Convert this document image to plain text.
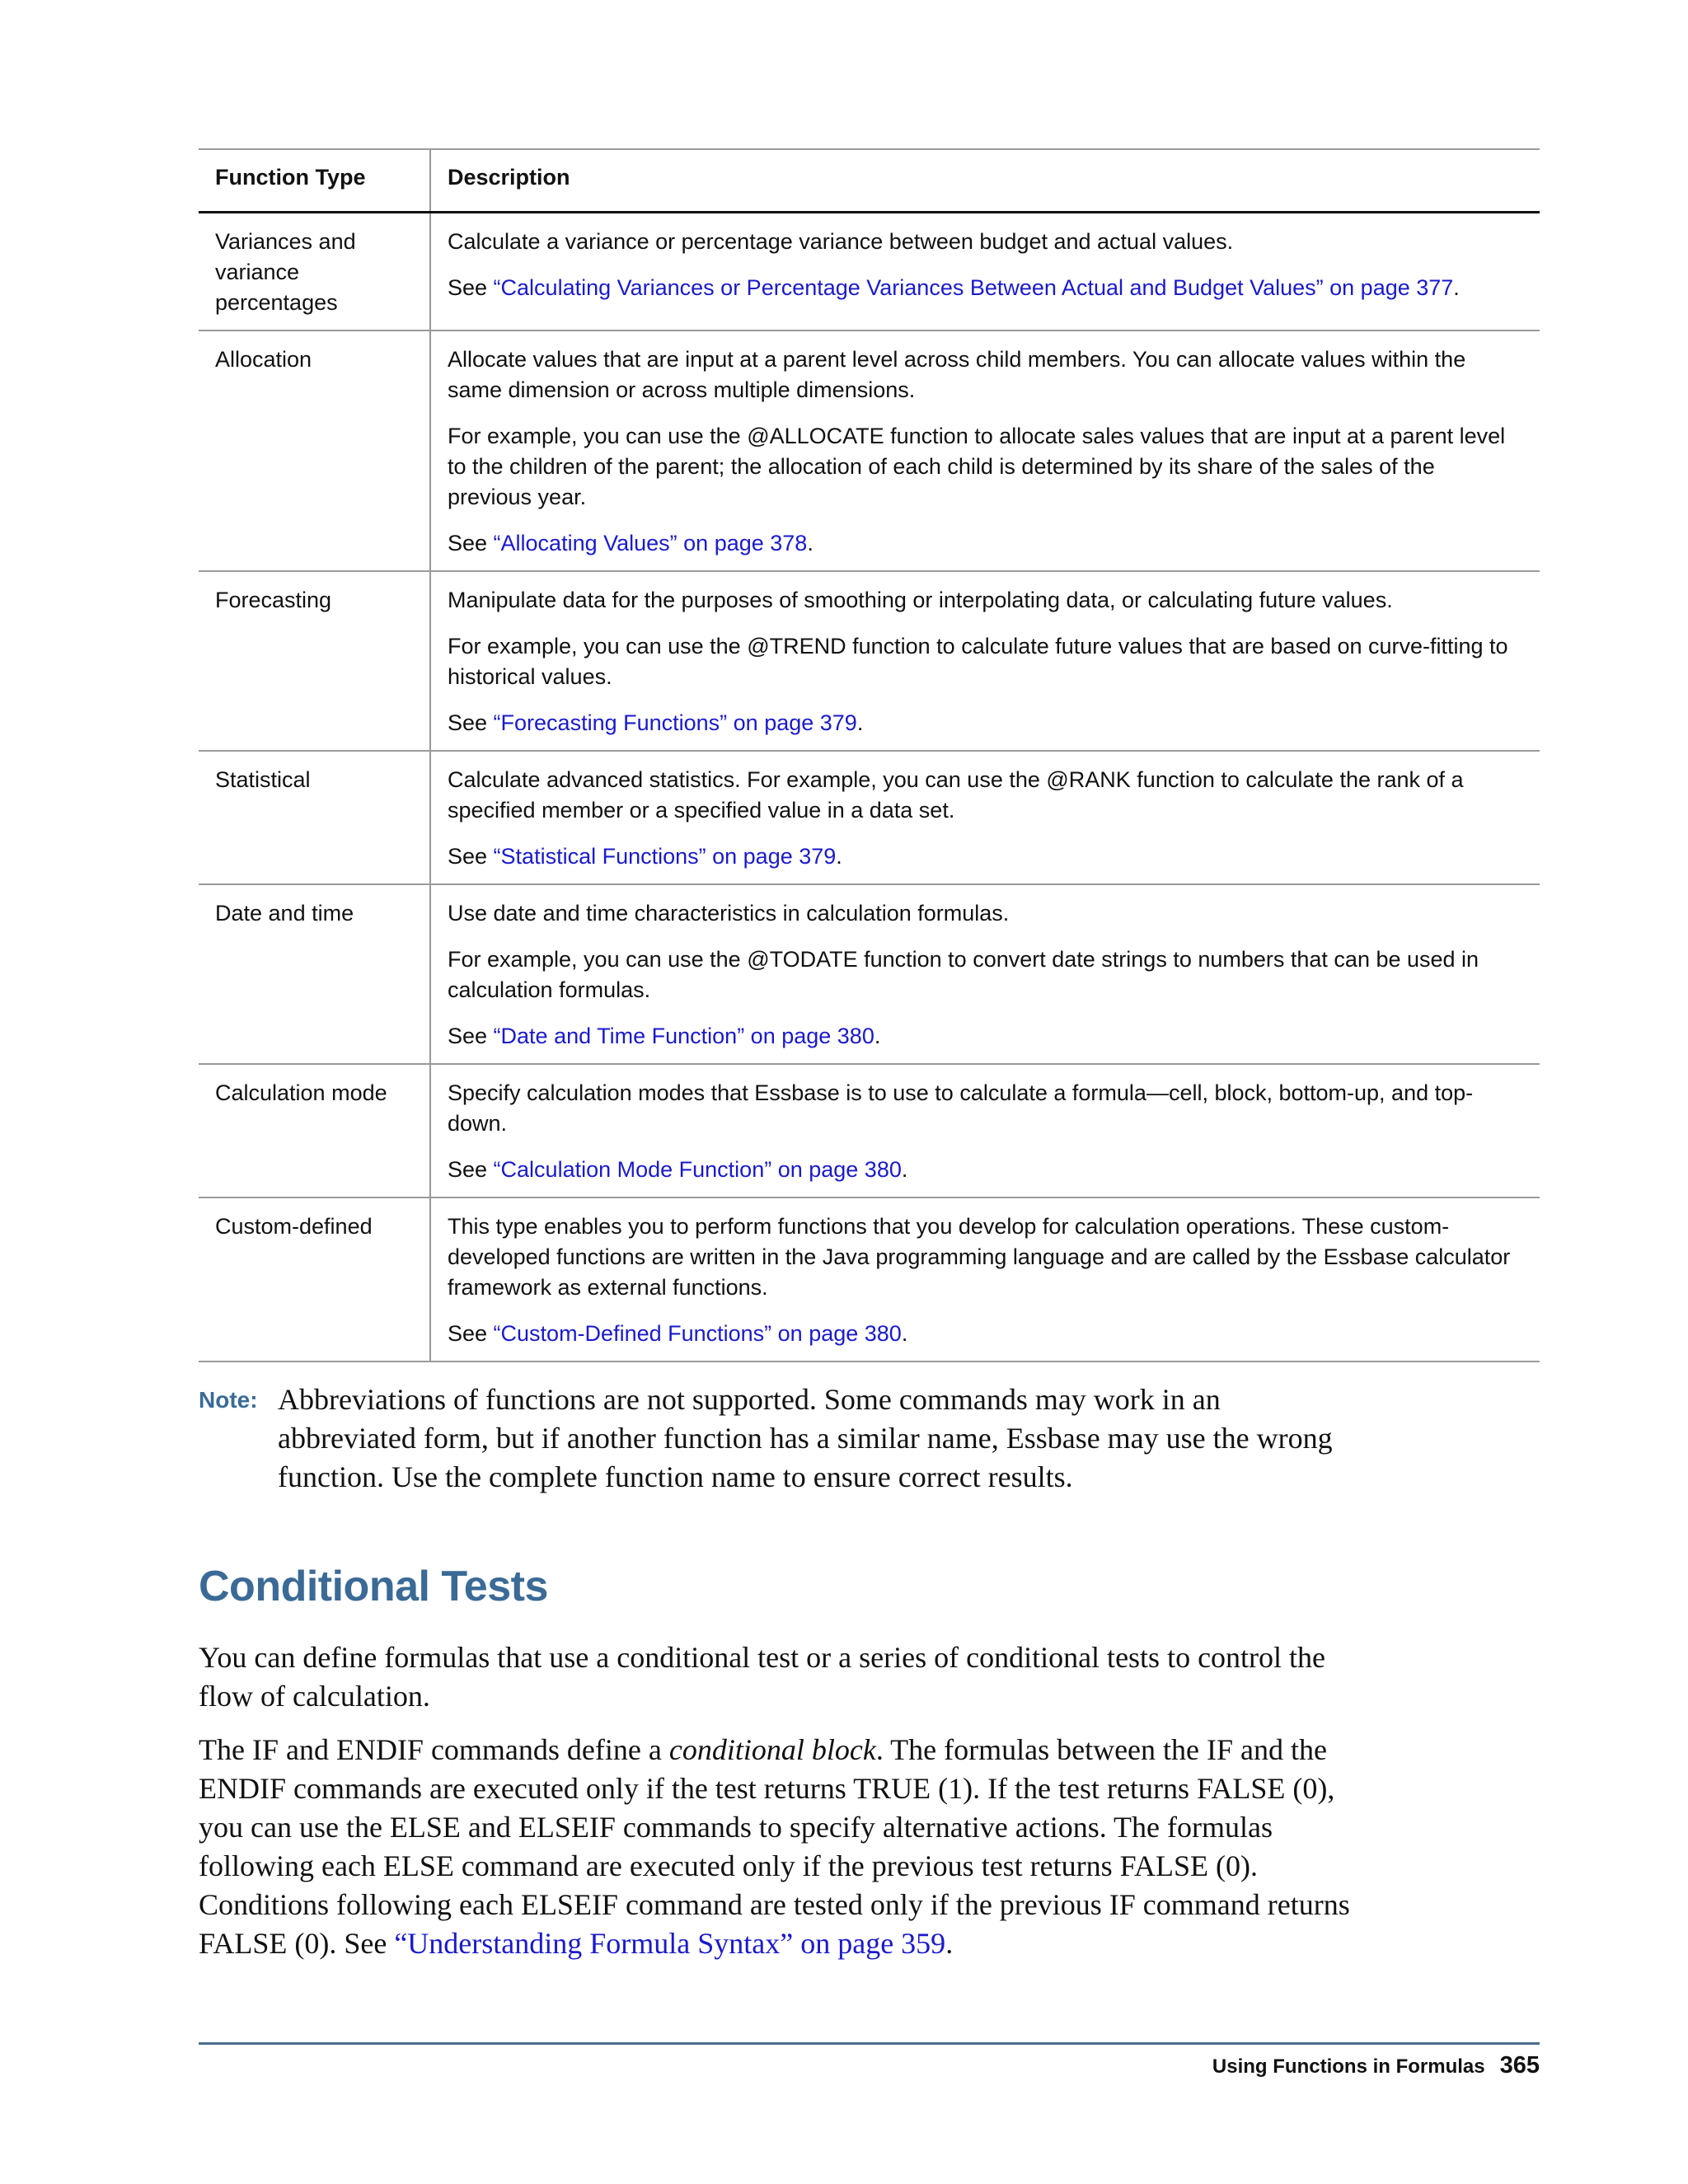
Function Type	Description
Variances and variance percentages	Calculate a variance or percentage variance between budget and actual values.

See “Calculating Variances or Percentage Variances Between Actual and Budget Values” on page 377.

Allocation	Allocate values that are input at a parent level across child members. You can allocate values within the same dimension or across multiple dimensions.

For example, you can use the @ALLOCATE function to allocate sales values that are input at a parent level to the children of the parent; the allocation of each child is determined by its share of the sales of the previous year.

See “Allocating Values” on page 378.

Forecasting	Manipulate data for the purposes of smoothing or interpolating data, or calculating future values.

For example, you can use the @TREND function to calculate future values that are based on curve-fitting to historical values.

See “Forecasting Functions” on page 379.

Statistical	Calculate advanced statistics. For example, you can use the @RANK function to calculate the rank of a specified member or a specified value in a data set.

See “Statistical Functions” on page 379.

Date and time	Use date and time characteristics in calculation formulas.

For example, you can use the @TODATE function to convert date strings to numbers that can be used in calculation formulas.

See “Date and Time Function” on page 380.

Calculation mode	Specify calculation modes that Essbase is to use to calculate a formula—cell, block, bottom-up, and top-down.

See “Calculation Mode Function” on page 380.

Custom-defined	This type enables you to perform functions that you develop for calculation operations. These custom-developed functions are written in the Java programming language and are called by the Essbase calculator framework as external functions.

See “Custom-Defined Functions” on page 380.

Note: Abbreviations of functions are not supported. Some commands may work in an abbreviated form, but if another function has a similar name, Essbase may use the wrong function. Use the complete function name to ensure correct results.
Conditional Tests

You can define formulas that use a conditional test or a series of conditional tests to control the flow of calculation.

The IF and ENDIF commands define a conditional block. The formulas between the IF and the ENDIF commands are executed only if the test returns TRUE (1). If the test returns FALSE (0), you can use the ELSE and ELSEIF commands to specify alternative actions. The formulas following each ELSE command are executed only if the previous test returns FALSE (0). Conditions following each ELSEIF command are tested only if the previous IF command returns FALSE (0). See “Understanding Formula Syntax” on page 359.

Using Functions in Formulas 365
